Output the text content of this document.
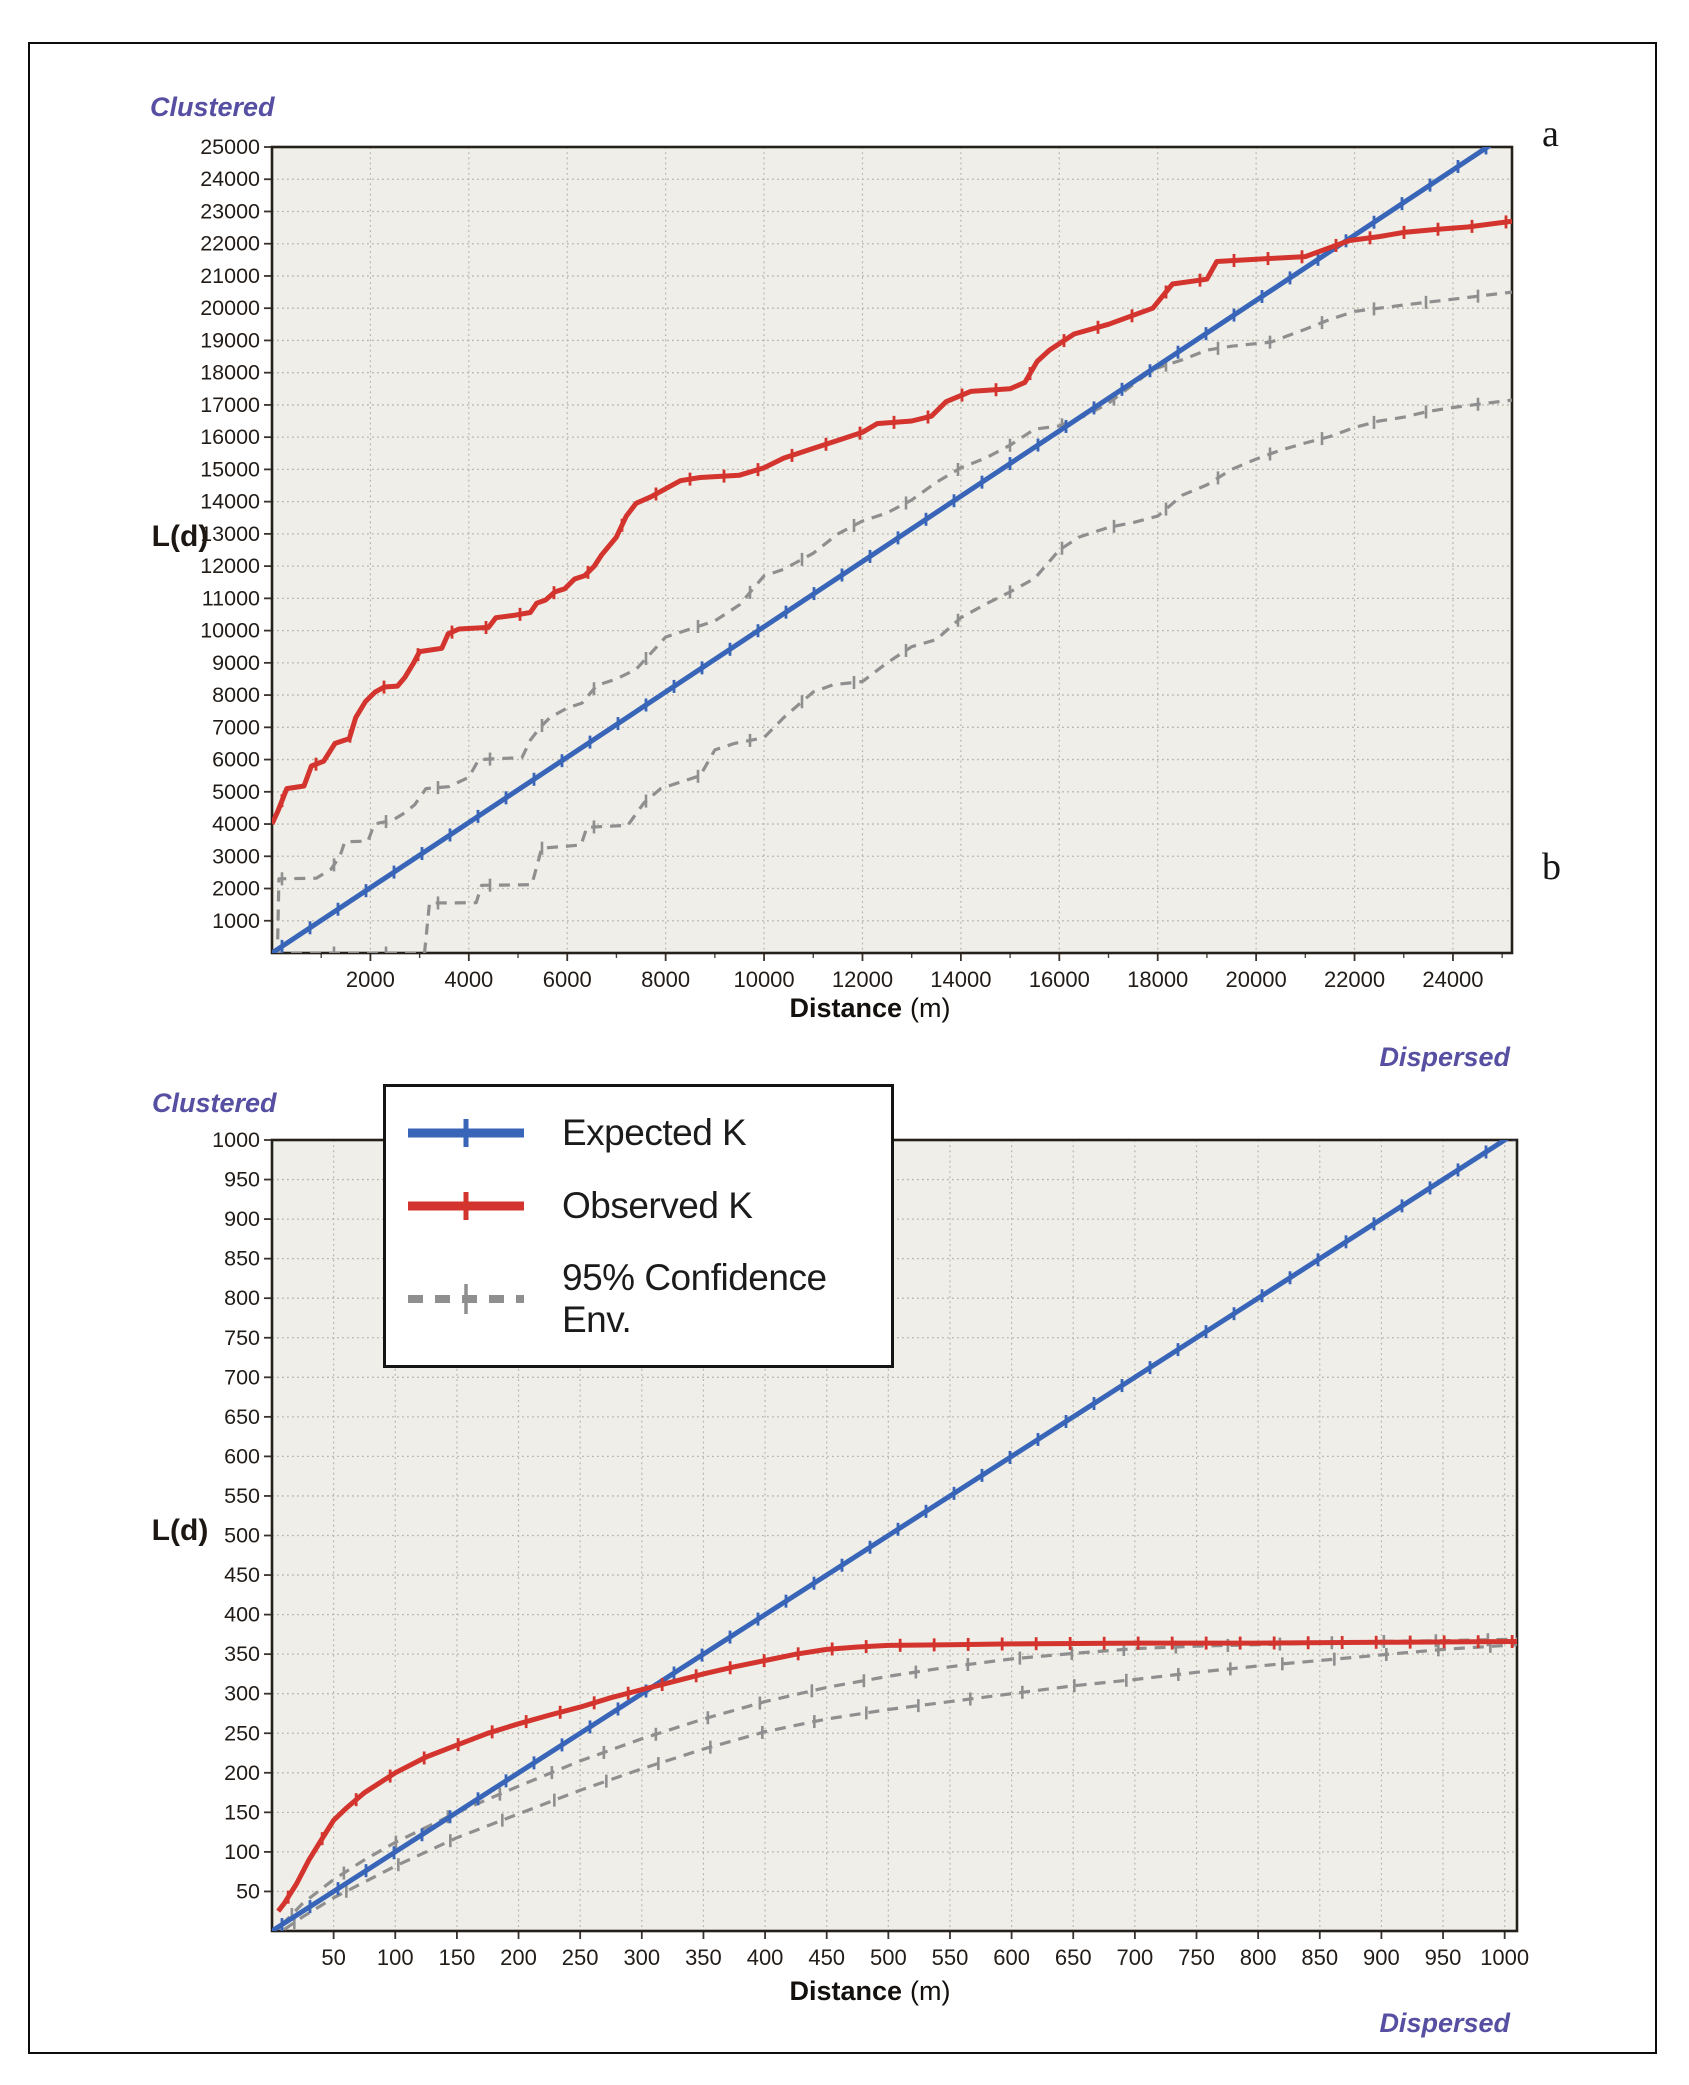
Clustered
a
L(d)
Distance (m)
Dispersed
Clustered
b
L(d)
Distance (m)
Dispersed
Expected K
Observed K
95% Confidence Env.
1000
2000
3000
4000
5000
6000
7000
8000
9000
10000
11000
12000
13000
14000
15000
16000
17000
18000
19000
20000
21000
22000
23000
24000
25000
2000 4000 6000 8000 10000 12000 14000 16000 18000 20000 22000 24000
50
100
150
200
250
300
350
400
450
500
550
600
650
700
750
800
850
900
950
1000
50 100 150 200 250 300 350 400 450 500 550 600 650 700 750 800 850 900 950 1000
